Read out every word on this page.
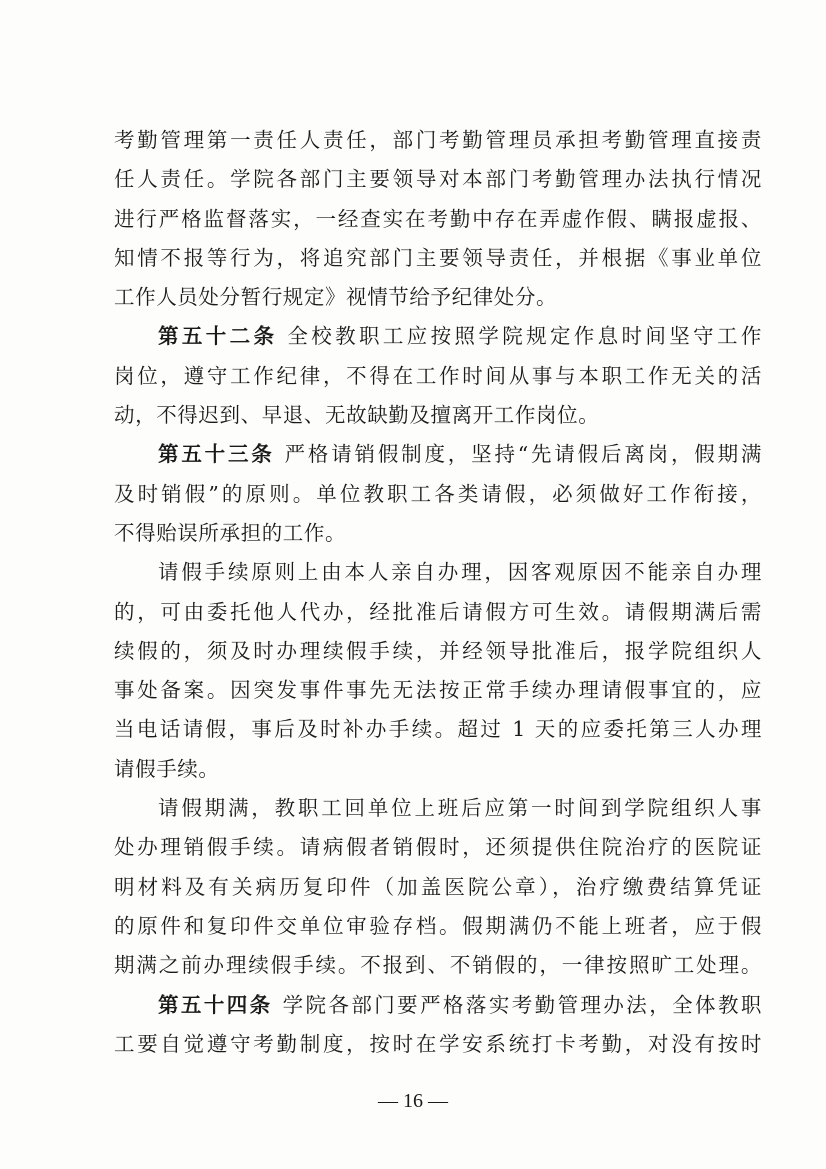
考勤管理第一责任人责任，部门考勤管理员承担考勤管理直接责
任人责任。学院各部门主要领导对本部门考勤管理办法执行情况
进行严格监督落实，一经查实在考勤中存在弄虚作假、瞒报虚报、
知情不报等行为，将追究部门主要领导责任，并根据《事业单位
工作人员处分暂行规定》视情节给予纪律处分。
第五十二条 全校教职工应按照学院规定作息时间坚守工作
岗位，遵守工作纪律，不得在工作时间从事与本职工作无关的活
动，不得迟到、早退、无故缺勤及擅离开工作岗位。
第五十三条 严格请销假制度，坚持“先请假后离岗，假期满
及时销假”的原则。单位教职工各类请假，必须做好工作衔接，
不得贻误所承担的工作。
请假手续原则上由本人亲自办理，因客观原因不能亲自办理
的，可由委托他人代办，经批准后请假方可生效。请假期满后需
续假的，须及时办理续假手续，并经领导批准后，报学院组织人
事处备案。因突发事件事先无法按正常手续办理请假事宜的，应
当电话请假，事后及时补办手续。超过 1 天的应委托第三人办理
请假手续。
请假期满，教职工回单位上班后应第一时间到学院组织人事
处办理销假手续。请病假者销假时，还须提供住院治疗的医院证
明材料及有关病历复印件（加盖医院公章），治疗缴费结算凭证
的原件和复印件交单位审验存档。假期满仍不能上班者，应于假
期满之前办理续假手续。不报到、不销假的，一律按照旷工处理。
第五十四条 学院各部门要严格落实考勤管理办法，全体教职
工要自觉遵守考勤制度，按时在学安系统打卡考勤，对没有按时
— 16 —
